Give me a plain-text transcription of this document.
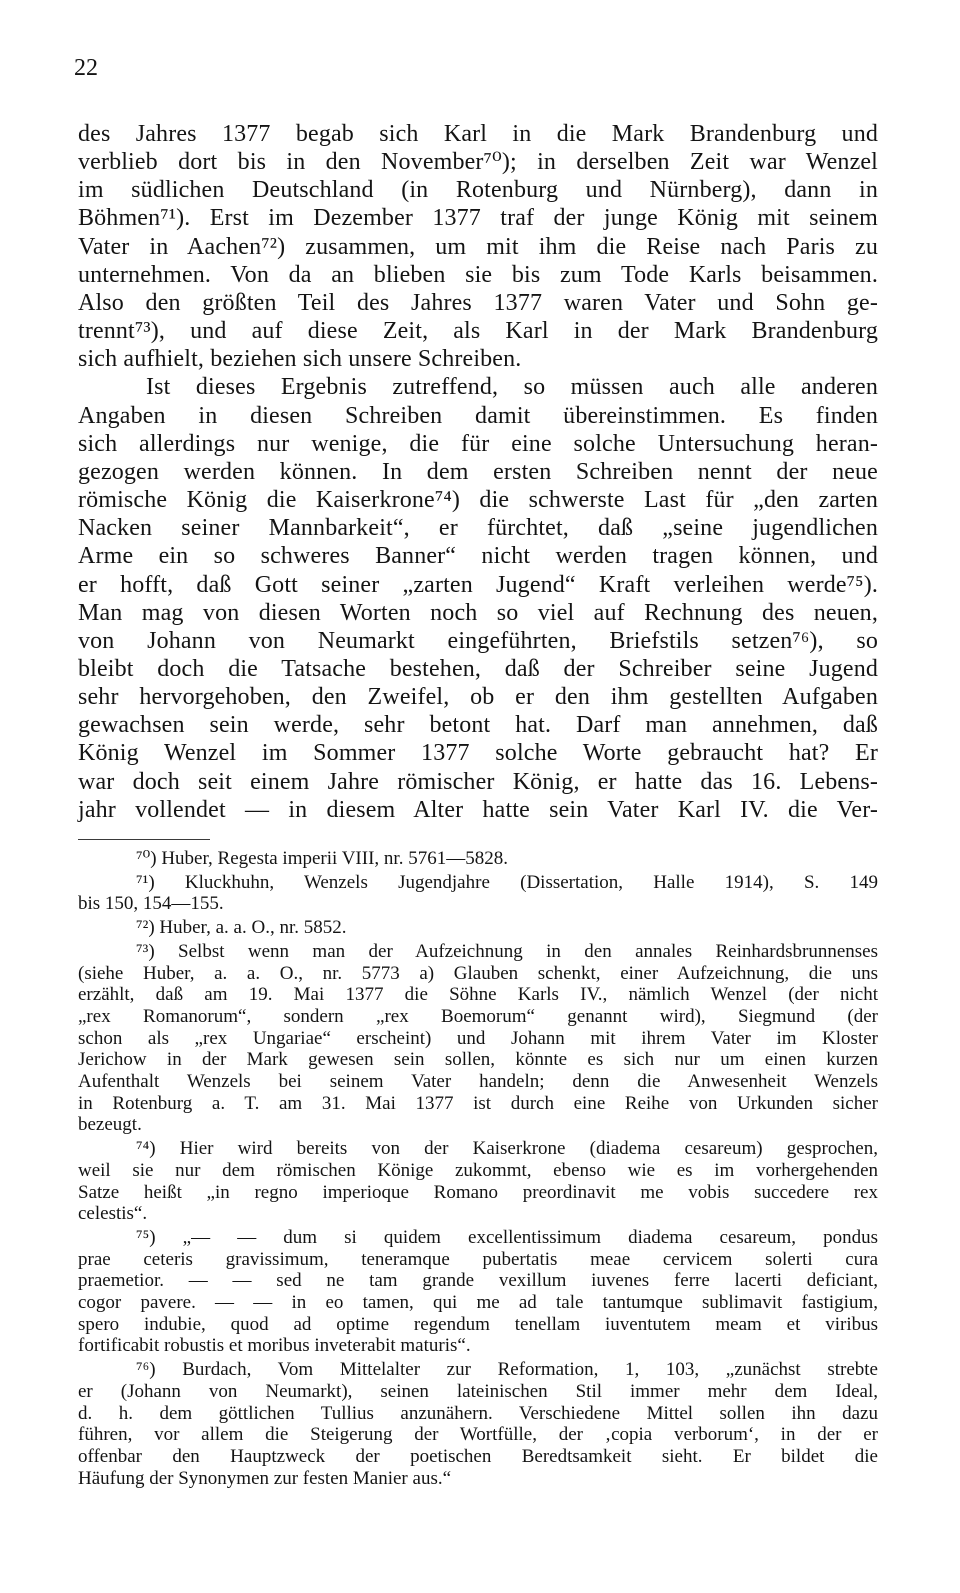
22

des Jahres 1377 begab sich Karl in die Mark Brandenburg und

verblieb dort bis in den November⁷⁰); in derselben Zeit war Wenzel

im südlichen Deutschland (in Rotenburg und Nürnberg), dann in

Böhmen⁷¹). Erst im Dezember 1377 traf der junge König mit seinem

Vater in Aachen⁷²) zusammen, um mit ihm die Reise nach Paris zu

unternehmen. Von da an blieben sie bis zum Tode Karls beisammen.

Also den größten Teil des Jahres 1377 waren Vater und Sohn ge-

trennt⁷³), und auf diese Zeit, als Karl in der Mark Brandenburg

sich aufhielt, beziehen sich unsere Schreiben.

Ist dieses Ergebnis zutreffend, so müssen auch alle anderen

Angaben in diesen Schreiben damit übereinstimmen. Es finden

sich allerdings nur wenige, die für eine solche Untersuchung heran-

gezogen werden können. In dem ersten Schreiben nennt der neue

römische König die Kaiserkrone⁷⁴) die schwerste Last für „den zarten

Nacken seiner Mannbarkeit“, er fürchtet, daß „seine jugendlichen

Arme ein so schweres Banner“ nicht werden tragen können, und

er hofft, daß Gott seiner „zarten Jugend“ Kraft verleihen werde⁷⁵).

Man mag von diesen Worten noch so viel auf Rechnung des neuen,

von Johann von Neumarkt eingeführten, Briefstils setzen⁷⁶), so

bleibt doch die Tatsache bestehen, daß der Schreiber seine Jugend

sehr hervorgehoben, den Zweifel, ob er den ihm gestellten Aufgaben

gewachsen sein werde, sehr betont hat. Darf man annehmen, daß

König Wenzel im Sommer 1377 solche Worte gebraucht hat? Er

war doch seit einem Jahre römischer König, er hatte das 16. Lebens-

jahr vollendet — in diesem Alter hatte sein Vater Karl IV. die Ver-

⁷⁰) Huber, Regesta imperii VIII, nr. 5761—5828.

⁷¹) Kluckhuhn, Wenzels Jugendjahre (Dissertation, Halle 1914), S. 149

bis 150, 154—155.

⁷²) Huber, a. a. O., nr. 5852.

⁷³) Selbst wenn man der Aufzeichnung in den annales Reinhardsbrunnenses

(siehe Huber, a. a. O., nr. 5773 a) Glauben schenkt, einer Aufzeichnung, die uns

erzählt, daß am 19. Mai 1377 die Söhne Karls IV., nämlich Wenzel (der nicht

„rex Romanorum“, sondern „rex Boemorum“ genannt wird), Siegmund (der

schon als „rex Ungariae“ erscheint) und Johann mit ihrem Vater im Kloster

Jerichow in der Mark gewesen sein sollen, könnte es sich nur um einen kurzen

Aufenthalt Wenzels bei seinem Vater handeln; denn die Anwesenheit Wenzels

in Rotenburg a. T. am 31. Mai 1377 ist durch eine Reihe von Urkunden sicher

bezeugt.

⁷⁴) Hier wird bereits von der Kaiserkrone (diadema cesareum) gesprochen,

weil sie nur dem römischen Könige zukommt, ebenso wie es im vorhergehenden

Satze heißt „in regno imperioque Romano preordinavit me vobis succedere rex

celestis“.

⁷⁵) „— — dum si quidem excellentissimum diadema cesareum, pondus

prae ceteris gravissimum, teneramque pubertatis meae cervicem solerti cura

praemetior. — — sed ne tam grande vexillum iuvenes ferre lacerti deficiant,

cogor pavere. — — in eo tamen, qui me ad tale tantumque sublimavit fastigium,

spero indubie, quod ad optime regendum tenellam iuventutem meam et viribus

fortificabit robustis et moribus inveterabit maturis“.

⁷⁶) Burdach, Vom Mittelalter zur Reformation, 1, 103, „zunächst strebte

er (Johann von Neumarkt), seinen lateinischen Stil immer mehr dem Ideal,

d. h. dem göttlichen Tullius anzunähern. Verschiedene Mittel sollen ihn dazu

führen, vor allem die Steigerung der Wortfülle, der ‚copia verborum‘, in der er

offenbar den Hauptzweck der poetischen Beredtsamkeit sieht. Er bildet die

Häufung der Synonymen zur festen Manier aus.“
